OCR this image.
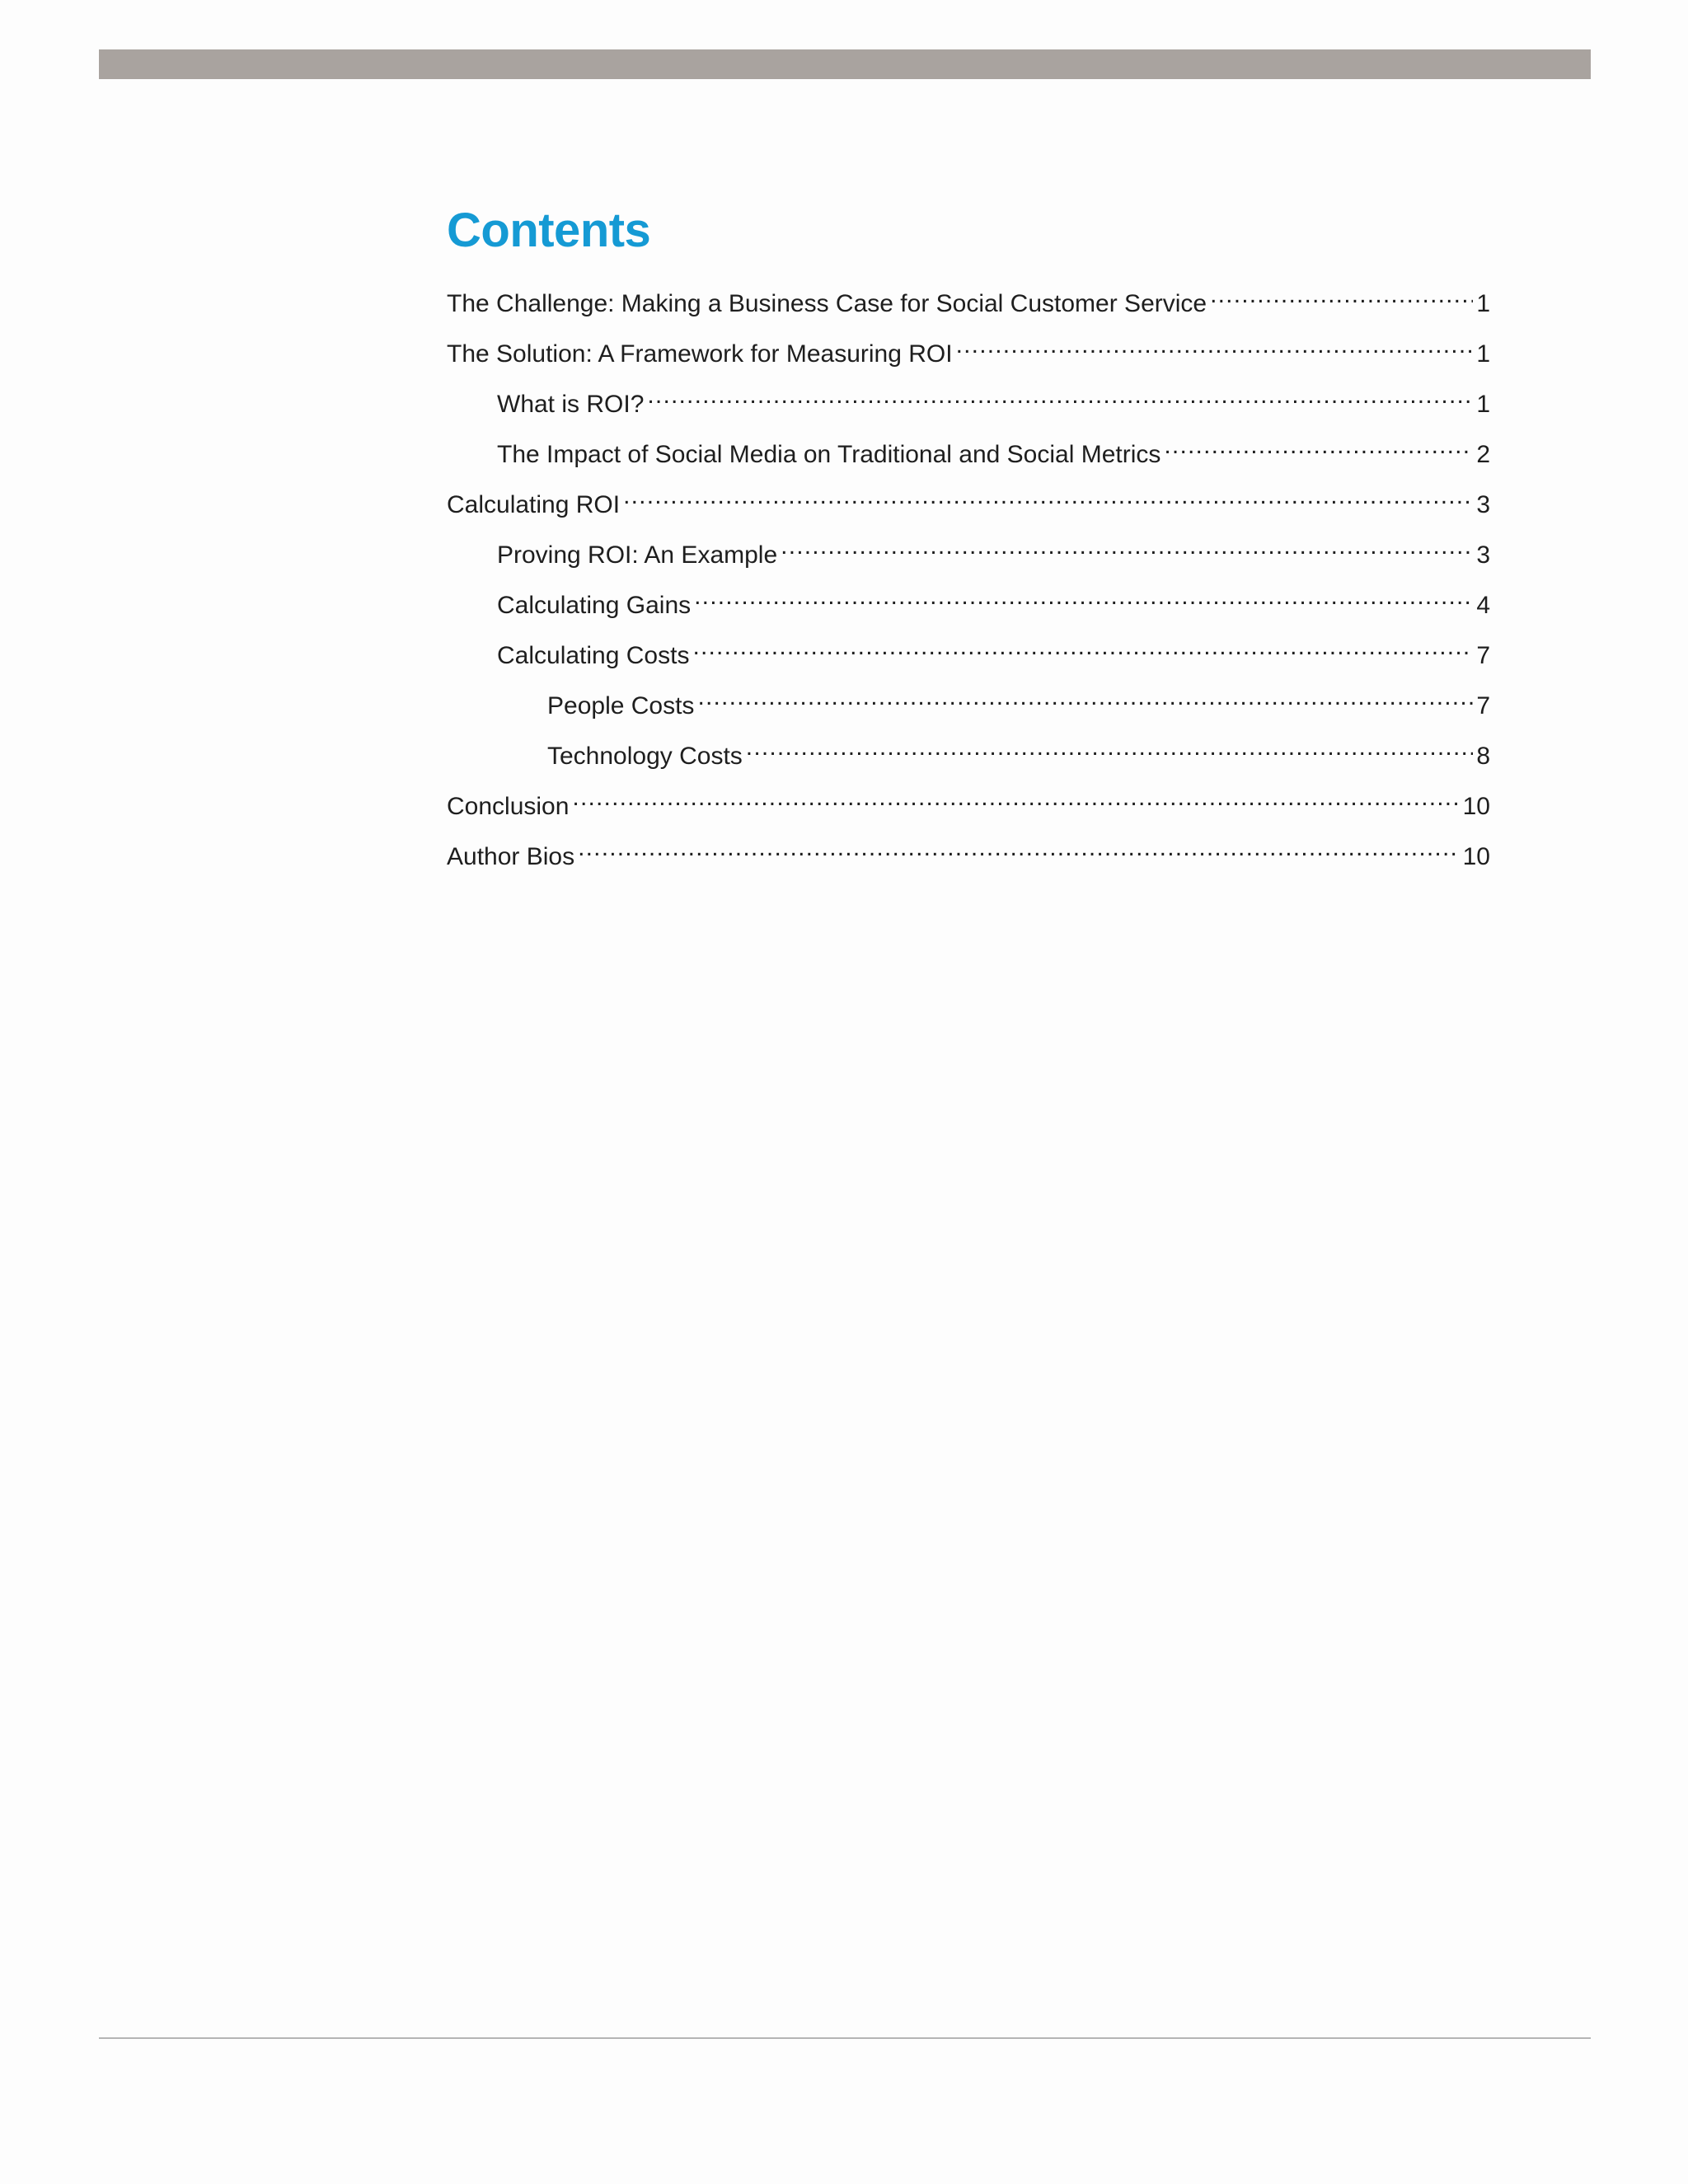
Contents
The Challenge: Making a Business Case for Social Customer Service .....	1
The Solution: A Framework for Measuring ROI .....	1
What is ROI? .....	1
The Impact of Social Media on Traditional and Social Metrics .....	2
Calculating ROI .....	3
Proving ROI: An Example .....	3
Calculating Gains .....	4
Calculating Costs .....	7
People Costs .....	7
Technology Costs .....	8
Conclusion .....	10
Author Bios .....	10
